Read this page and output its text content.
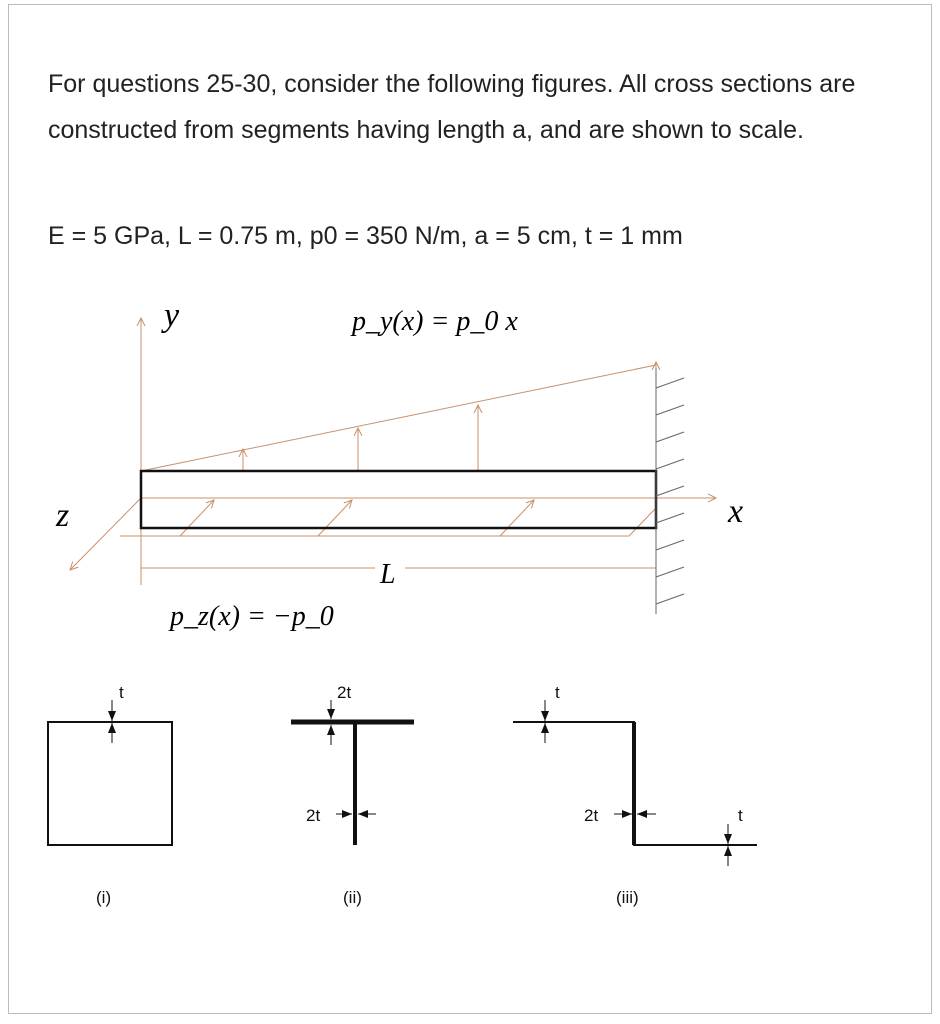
For questions 25-30, consider the following figures. All cross sections are constructed from segments having length a, and are shown to scale.

E = 5 GPa, L = 0.75 m, p0 = 350 N/m, a = 5 cm, t = 1 mm

y
x
z
L
p_y(x) = p_0 x
p_z(x) = −p_0
t
(i)
2t
2t
(ii)
t
2t	t
(iii)
